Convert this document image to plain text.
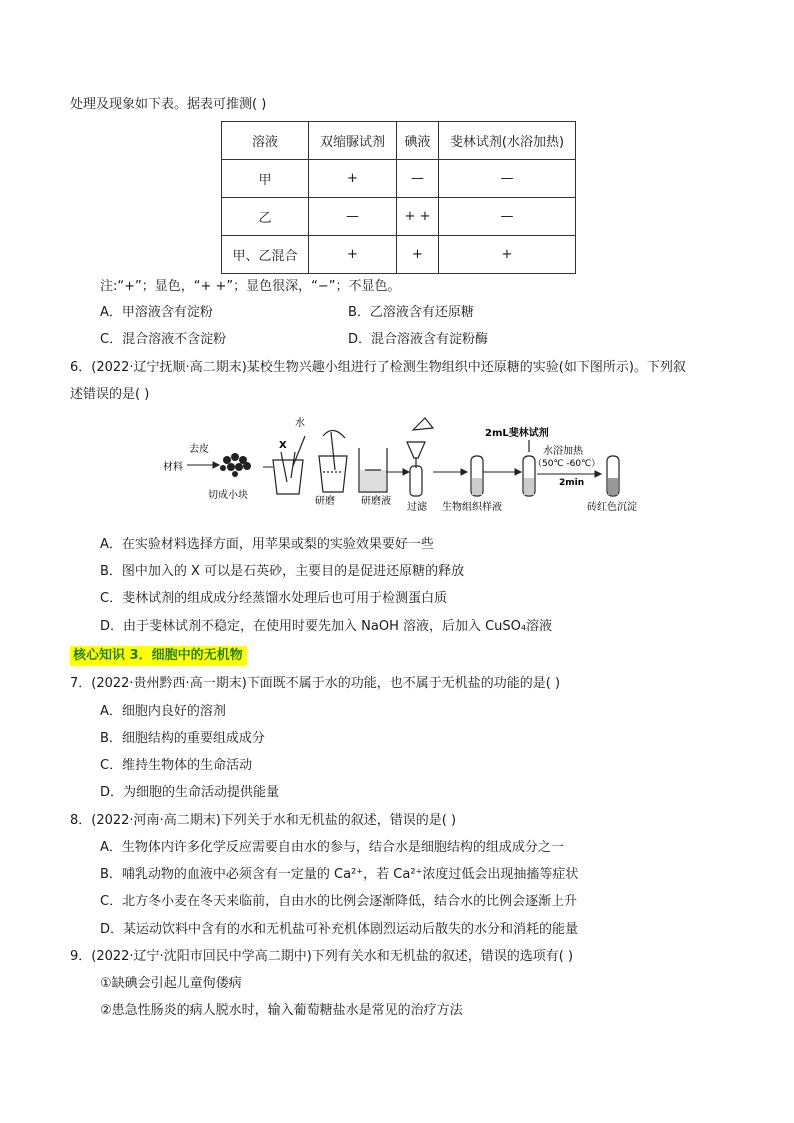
处理及现象如下表。据表可推测( )
溶液	双缩脲试剂	碘液	斐林试剂(水浴加热)
甲	+	—	—
乙	—	+ +	—
甲、乙混合	+	+	+
注:“+”；显色，“+ +”；显色很深，“−”；不显色。
A．甲溶液含有淀粉	B．乙溶液含有还原糖
C．混合溶液不含淀粉	D．混合溶液含有淀粉酶
6．(2022·辽宁抚顺·高二期末)某校生物兴趣小组进行了检测生物组织中还原糖的实验(如下图所示)。下列叙
述错误的是( )
材料
去皮
切成小块
X
水
研磨	研磨液
过滤 生物组织样液
2mL斐林试剂
水浴加热
（50℃ -60℃）
2min
砖红色沉淀
A．在实验材料选择方面，用苹果或梨的实验效果要好一些
B．图中加入的 X 可以是石英砂，主要目的是促进还原糖的释放
C．斐林试剂的组成成分经蒸馏水处理后也可用于检测蛋白质
D．由于斐林试剂不稳定，在使用时要先加入 NaOH 溶液，后加入 CuSO₄溶液
核心知识 3．细胞中的无机物
7．(2022·贵州黔西·高一期末)下面既不属于水的功能，也不属于无机盐的功能的是( )
A．细胞内良好的溶剂
B．细胞结构的重要组成成分
C．维持生物体的生命活动
D．为细胞的生命活动提供能量
8．(2022·河南·高二期末)下列关于水和无机盐的叙述，错误的是( )
A．生物体内许多化学反应需要自由水的参与，结合水是细胞结构的组成成分之一
B．哺乳动物的血液中必须含有一定量的 Ca²⁺，若 Ca²⁺浓度过低会出现抽搐等症状
C．北方冬小麦在冬天来临前，自由水的比例会逐渐降低，结合水的比例会逐渐上升
D．某运动饮料中含有的水和无机盐可补充机体剧烈运动后散失的水分和消耗的能量
9．(2022·辽宁·沈阳市回民中学高二期中)下列有关水和无机盐的叙述，错误的选项有( )
①缺碘会引起儿童佝偻病
②患急性肠炎的病人脱水时，输入葡萄糖盐水是常见的治疗方法
